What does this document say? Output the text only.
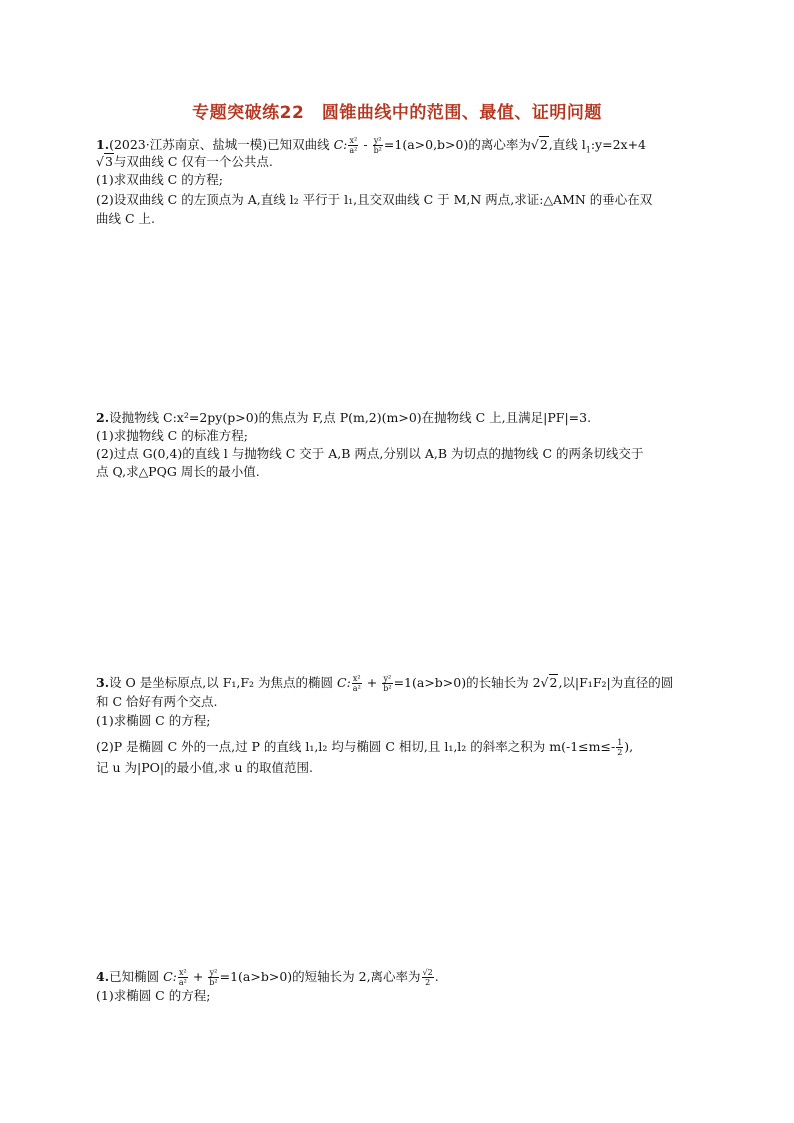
专题突破练22　圆锥曲线中的范围、最值、证明问题
1.(2023·江苏南京、盐城一模)已知双曲线 C: $\frac{\text{x²}}{\text{a²}} - \frac{\text{y²}}{\text{b²}} =1(a>0,b>0)$的离心率为√2,直线 $l_1:y=2x+4$
√3与双曲线 C 仅有一个公共点.
(1)求双曲线 C 的方程;
(2)设双曲线 C 的左顶点为 A,直线 l₂ 平行于 l₁,且交双曲线 C 于 M,N 两点,求证:△AMN 的垂心在双
曲线 C 上.
2.设抛物线 C:x²=2py(p>0)的焦点为 F,点 P(m,2)(m>0)在抛物线 C 上,且满足|PF|=3.
(1)求抛物线 C 的标准方程;
(2)过点 G(0,4)的直线 l 与抛物线 C 交于 A,B 两点,分别以 A,B 为切点的抛物线 C 的两条切线交于
点 Q,求△PQG 周长的最小值.
3.设 O 是坐标原点,以 F₁,F₂ 为焦点的椭圆 C: $\frac{\text{x²}}{\text{a²}} + \frac{\text{y²}}{\text{b²}} =1(a>b>0)$的长轴长为 2√2,以|F₁F₂|为直径的圆
和 C 恰好有两个交点.
(1)求椭圆 C 的方程;
(2)P 是椭圆 C 外的一点,过 P 的直线 l₁,l₂ 均与椭圆 C 相切,且 l₁,l₂ 的斜率之积为 $m(-1\le m\le- \frac{1}{2}$ ),
记 u 为|PO|的最小值,求 u 的取值范围.
4.已知椭圆 C: $\frac{\text{x²}}{\text{a²}} + \frac{\text{y²}}{\text{b²}} =1(a>b>0)$的短轴长为 2,离心率为 $\frac{√2}{2}$ .
(1)求椭圆 C 的方程;
